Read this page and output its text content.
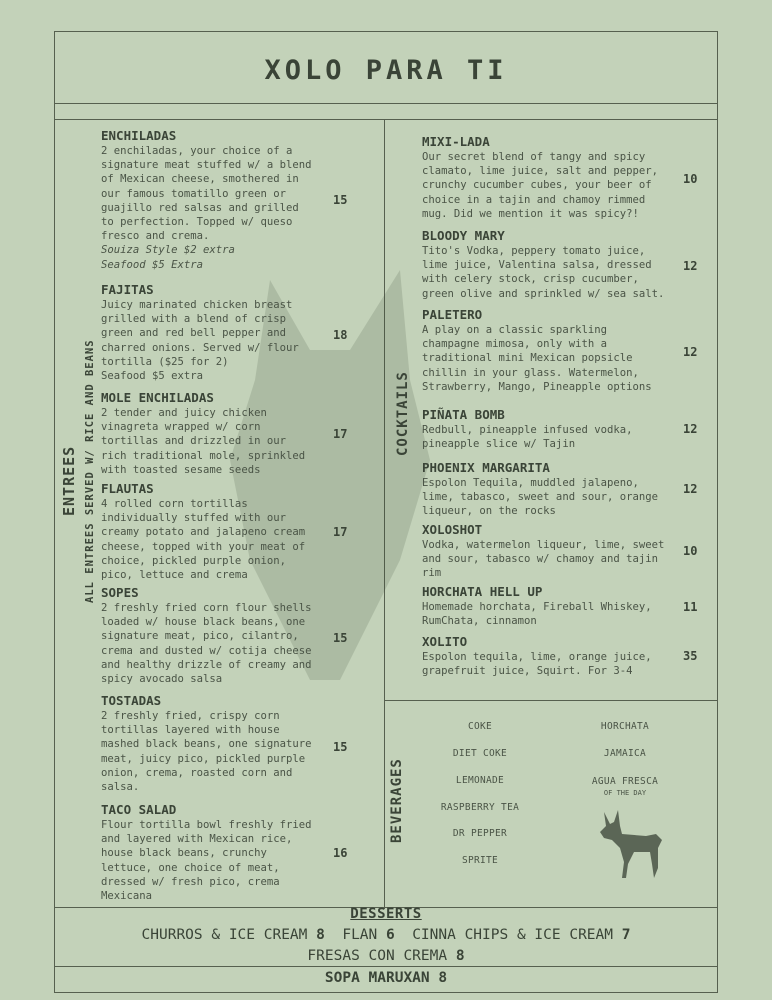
XOLO PARA TI
ENTREES ALL ENTREES SERVED W/ RICE AND BEANS	COCKTAILS
BEVERAGES
ENCHILADAS
2 enchiladas, your choice of a
signature meat stuffed w/ a blend
of Mexican cheese, smothered in
our famous tomatillo green or
guajillo red salsas and grilled
to perfection. Topped w/ queso
fresco and crema.
Souiza Style $2 extra
Seafood $5 Extra
15
FAJITAS
Juicy marinated chicken breast
grilled with a blend of crisp
green and red bell pepper and
charred onions. Served w/ flour
tortilla ($25 for 2)
Seafood $5 extra
18
MOLE ENCHILADAS
2 tender and juicy chicken
vinagreta wrapped w/ corn
tortillas and drizzled in our
rich traditional mole, sprinkled
with toasted sesame seeds
17
FLAUTAS
4 rolled corn tortillas
individually stuffed with our
creamy potato and jalapeno cream
cheese, topped with your meat of
choice, pickled purple onion,
pico, lettuce and crema
17
SOPES
2 freshly fried corn flour shells
loaded w/ house black beans, one
signature meat, pico, cilantro,
crema and dusted w/ cotija cheese
and healthy drizzle of creamy and
spicy avocado salsa
15
TOSTADAS
2 freshly fried, crispy corn
tortillas layered with house
mashed black beans, one signature
meat, juicy pico, pickled purple
onion, crema, roasted corn and
salsa.
15
TACO SALAD
Flour tortilla bowl freshly fried
and layered with Mexican rice,
house black beans, crunchy
lettuce, one choice of meat,
dressed w/ fresh pico, crema
Mexicana
16
MIXI-LADA
Our secret blend of tangy and spicy
clamato, lime juice, salt and pepper,
crunchy cucumber cubes, your beer of
choice in a tajin and chamoy rimmed
mug. Did we mention it was spicy?!
10
BLOODY MARY
Tito's Vodka, peppery tomato juice,
lime juice, Valentina salsa, dressed
with celery stock, crisp cucumber,
green olive and sprinkled w/ sea salt.
12
PALETERO
A play on a classic sparkling
champagne mimosa, only with a
traditional mini Mexican popsicle
chillin in your glass. Watermelon,
Strawberry, Mango, Pineapple options
12
PIÑATA BOMB
Redbull, pineapple infused vodka,
pineapple slice w/ Tajin
12
PHOENIX MARGARITA
Espolon Tequila, muddled jalapeno,
lime, tabasco, sweet and sour, orange
liqueur, on the rocks
12
XOLOSHOT
Vodka, watermelon liqueur, lime, sweet
and sour, tabasco w/ chamoy and tajin
rim
10
HORCHATA HELL UP
Homemade horchata, Fireball Whiskey,
RumChata, cinnamon
11
XOLITO
Espolon tequila, lime, orange juice,
grapefruit juice, Squirt. For 3-4
35
COKE
DIET COKE
LEMONADE
RASPBERRY TEA
DR PEPPER
SPRITE
HORCHATA
JAMAICA
AGUA FRESCA
OF THE DAY
DESSERTS
CHURROS & ICE CREAM 8 FLAN 6 CINNA CHIPS & ICE CREAM 7
FRESAS CON CREMA 8
SOPA MARUXAN 8
